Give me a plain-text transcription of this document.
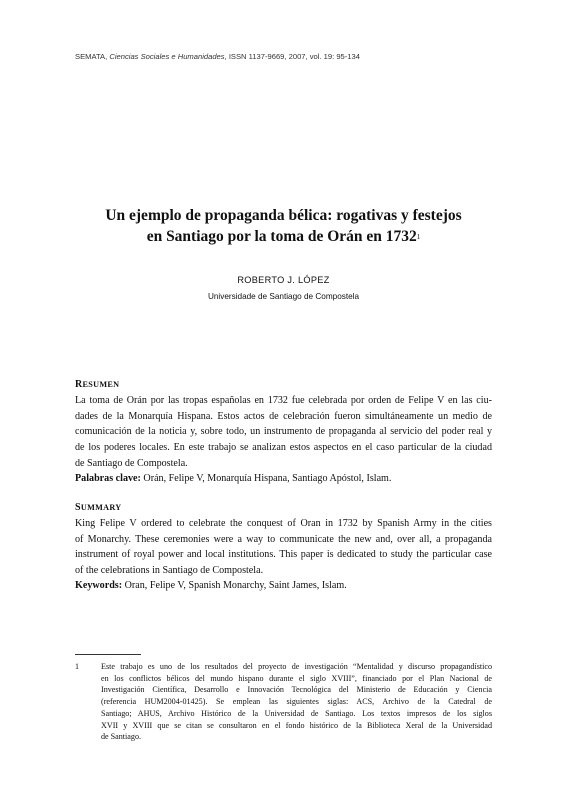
SEMATA, Ciencias Sociales e Humanidades, ISSN 1137-9669, 2007, vol. 19: 95-134
Un ejemplo de propaganda bélica: rogativas y festejos
en Santiago por la toma de Orán en 1732$^1$
ROBERTO J. LÓPEZ
Universidade de Santiago de Compostela
RESUMEN
La toma de Orán por las tropas españolas en 1732 fue celebrada por orden de Felipe V en las ciu-
dades de la Monarquía Hispana. Estos actos de celebración fueron simultáneamente un medio de
comunicación de la noticia y, sobre todo, un instrumento de propaganda al servicio del poder real y
de los poderes locales. En este trabajo se analizan estos aspectos en el caso particular de la ciudad
de Santiago de Compostela.
Palabras clave: Orán, Felipe V, Monarquía Hispana, Santiago Apóstol, Islam.
SUMMARY
King Felipe V ordered to celebrate the conquest of Oran in 1732 by Spanish Army in the cities
of Monarchy. These ceremonies were a way to communicate the new and, over all, a propaganda
instrument of royal power and local institutions. This paper is dedicated to study the particular case
of the celebrations in Santiago de Compostela.
Keywords: Oran, Felipe V, Spanish Monarchy, Saint James, Islam.
1	Este trabajo es uno de los resultados del proyecto de investigación “Mentalidad y discurso propagandístico
en los conflictos bélicos del mundo hispano durante el siglo XVIII”, financiado por el Plan Nacional de
Investigación Científica, Desarrollo e Innovación Tecnológica del Ministerio de Educación y Ciencia
(referencia HUM2004-01425). Se emplean las siguientes siglas: ACS, Archivo de la Catedral de
Santiago; AHUS, Archivo Histórico de la Universidad de Santiago. Los textos impresos de los siglos
XVII y XVIII que se citan se consultaron en el fondo histórico de la Biblioteca Xeral de la Universidad
de Santiago.
